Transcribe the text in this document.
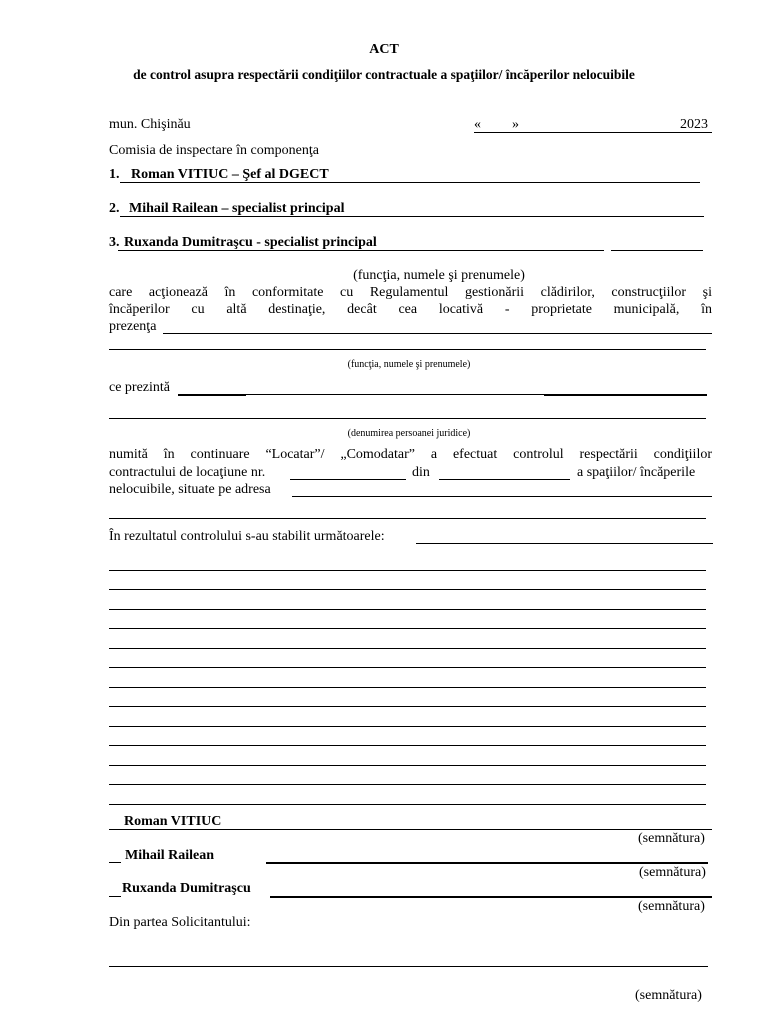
ACT
de control asupra respectării condiţiilor contractuale a spaţiilor/ încăperilor nelocuibile
mun. Chişinău	« »	2023
Comisia de inspectare în componenţa
1. Roman VITIUC – Şef al DGECT
2. Mihail Railean – specialist principal
3. Ruxanda Dumitraşcu - specialist principal
(funcţia, numele şi prenumele)
care acţionează în conformitate cu Regulamentul gestionării clădirilor, construcţiilor şi
încăperilor cu altă destinaţie, decât cea locativă - proprietate municipală, în
prezenţa
(funcţia, numele şi prenumele)
ce prezintă
(denumirea persoanei juridice)
numită în continuare “Locatar”/ „Comodatar” a efectuat controlul respectării condiţiilor
contractului de locaţiune nr.	din	a spaţiilor/ încăperile
nelocuibile, situate pe adresa
În rezultatul controlului s-au stabilit următoarele:
Roman VITIUC
(semnătura)
Mihail Railean
(semnătura)
Ruxanda Dumitraşcu
(semnătura)
Din partea Solicitantului:
(semnătura)
